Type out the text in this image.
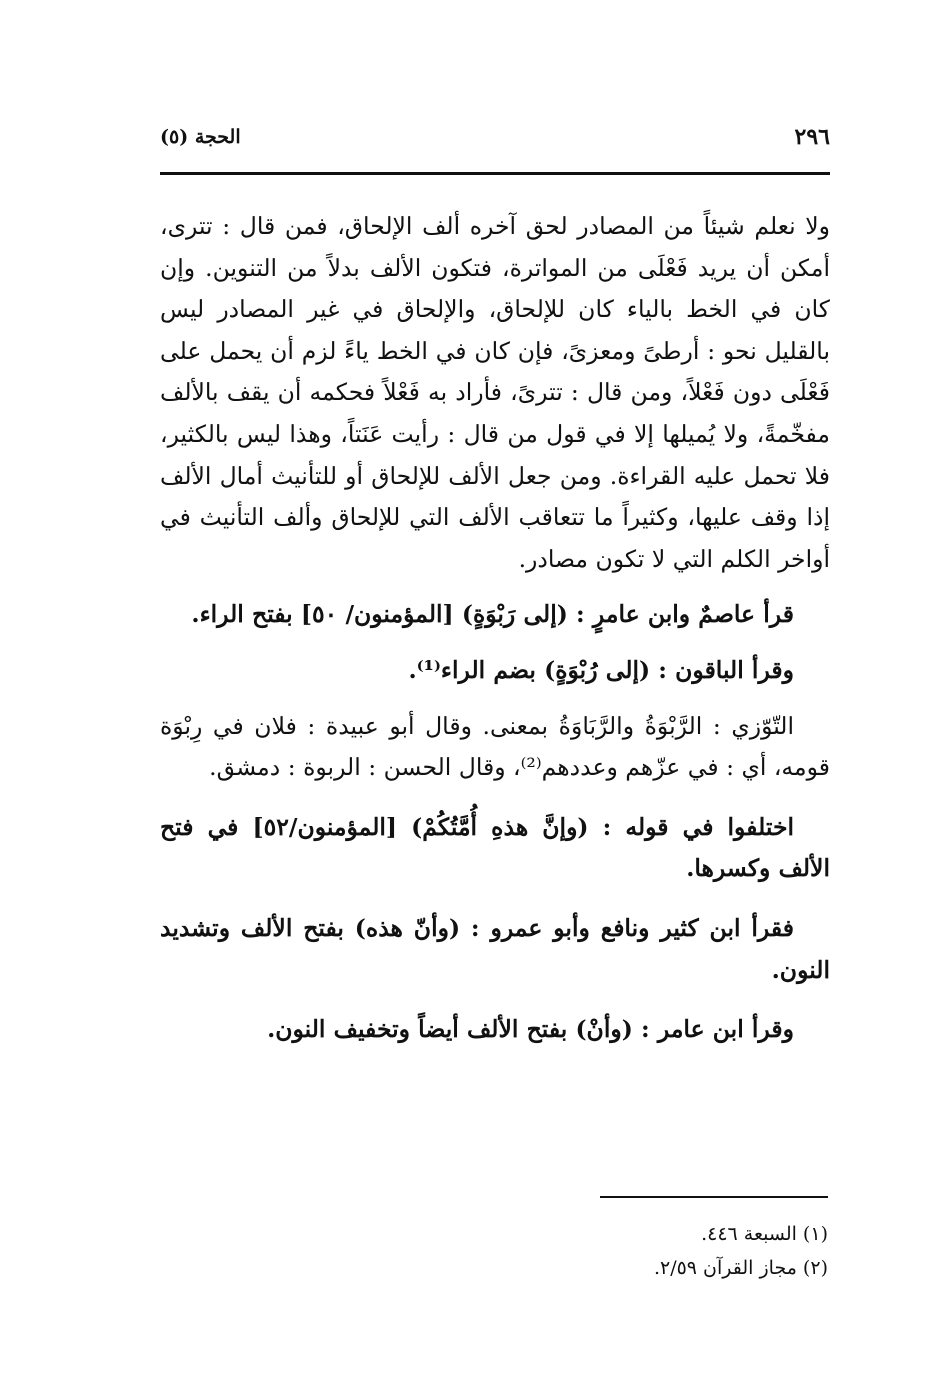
٢٩٦
الحجة (٥)

ولا نعلم شيئاً من المصادر لحق آخره ألف الإلحاق، فمن قال : تترى، أمكن أن يريد فَعْلَى من المواترة، فتكون الألف بدلاً من التنوين. وإن كان في الخط بالياء كان للإلحاق، والإلحاق في غير المصادر ليس بالقليل نحو : أرطىً ومعزىً، فإن كان في الخط ياءً لزم أن يحمل على فَعْلَى دون فَعْلاً، ومن قال : تترىً، فأراد به فَعْلاً فحكمه أن يقف بالألف مفخّمةً، ولا يُميلها إلا في قول من قال : رأيت عَنَتاً، وهذا ليس بالكثير، فلا تحمل عليه القراءة. ومن جعل الألف للإلحاق أو للتأنيث أمال الألف إذا وقف عليها، وكثيراً ما تتعاقب الألف التي للإلحاق وألف التأنيث في أواخر الكلم التي لا تكون مصادر.

قرأ عاصمٌ وابن عامرٍ : (إلى رَبْوَةٍ) [المؤمنون/ ٥٠] بفتح الراء.

وقرأ الباقون : (إلى رُبْوَةٍ) بضم الراء⁽¹⁾.

التّوّزي : الرَّبْوَةُ والرَّبَاوَةُ بمعنى. وقال أبو عبيدة : فلان في رِبْوَة قومه، أي : في عزّهم وعددهم⁽²⁾، وقال الحسن : الربوة : دمشق.

اختلفوا في قوله : (وإنَّ هذهِ أُمَّتُكُمْ) [المؤمنون/٥٢] في فتح الألف وكسرها.

فقرأ ابن كثير ونافع وأبو عمرو : (وأنّ هذه) بفتح الألف وتشديد النون.

وقرأ ابن عامر : (وأنْ) بفتح الألف أيضاً وتخفيف النون.

(١) السبعة ٤٤٦.

(٢) مجاز القرآن ٢/٥٩.
